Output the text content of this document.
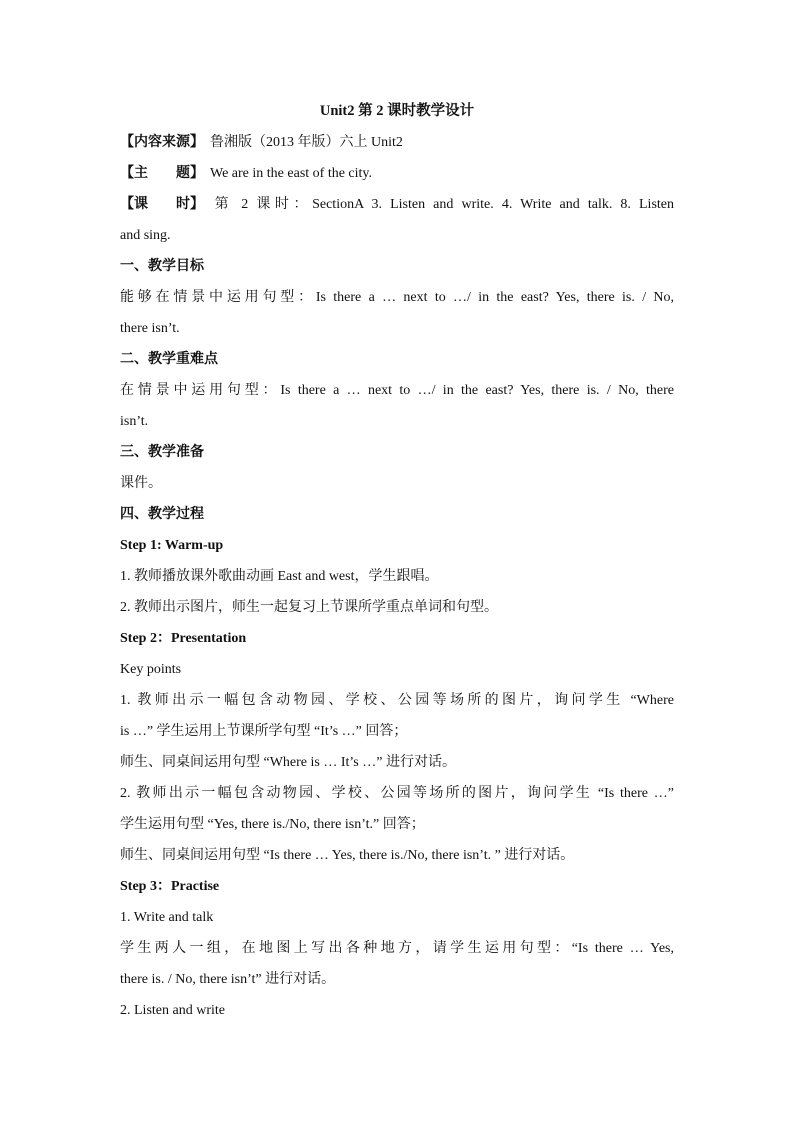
Unit2 第 2 课时教学设计
【内容来源】 鲁湘版（2013 年版）六上 Unit2
【主　　题】 We are in the east of the city.
【课　　时】 第 2 课时：SectionA 3. Listen and write. 4. Write and talk. 8. Listen
and sing.
一、教学目标
能够在情景中运用句型：Is there a … next to …/ in the east? Yes, there is. / No,
there isn’t.
二、教学重难点
在情景中运用句型：Is there a … next to …/ in the east? Yes, there is. / No, there
isn’t.
三、教学准备
课件。
四、教学过程
Step 1: Warm-up
1. 教师播放课外歌曲动画 East and west，学生跟唱。
2. 教师出示图片，师生一起复习上节课所学重点单词和句型。
Step 2：Presentation
Key points
1. 教师出示一幅包含动物园、学校、公园等场所的图片，询问学生 “Where
is …” 学生运用上节课所学句型 “It’s …” 回答；
师生、同桌间运用句型 “Where is … It’s …” 进行对话。
2. 教师出示一幅包含动物园、学校、公园等场所的图片，询问学生 “Is there …”
学生运用句型 “Yes, there is./No, there isn’t.” 回答；
师生、同桌间运用句型 “Is there … Yes, there is./No, there isn’t. ” 进行对话。
Step 3：Practise
1. Write and talk
学生两人一组，在地图上写出各种地方，请学生运用句型：“Is there … Yes,
there is. / No, there isn’t” 进行对话。
2. Listen and write
